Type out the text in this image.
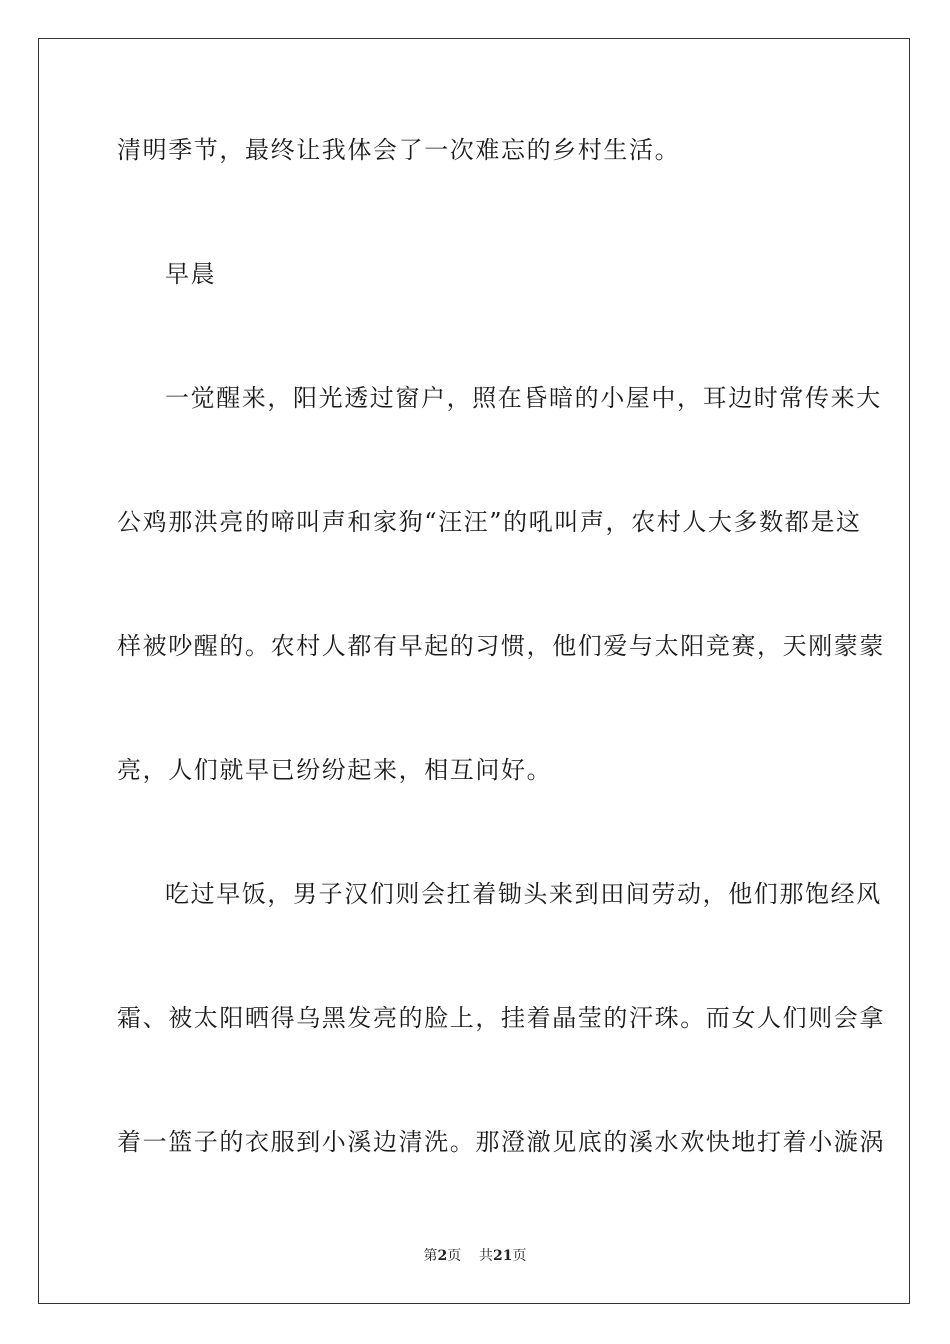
清明季节，最终让我体会了一次难忘的乡村生活。
早晨
一觉醒来，阳光透过窗户，照在昏暗的小屋中，耳边时常传来大
公鸡那洪亮的啼叫声和家狗“汪汪”的吼叫声，农村人大多数都是这
样被吵醒的。农村人都有早起的习惯，他们爱与太阳竞赛，天刚蒙蒙
亮，人们就早已纷纷起来，相互问好。
吃过早饭，男子汉们则会扛着锄头来到田间劳动，他们那饱经风
霜、被太阳晒得乌黑发亮的脸上，挂着晶莹的汗珠。而女人们则会拿
着一篮子的衣服到小溪边清洗。那澄澈见底的溪水欢快地打着小漩涡
第2页 共21页
